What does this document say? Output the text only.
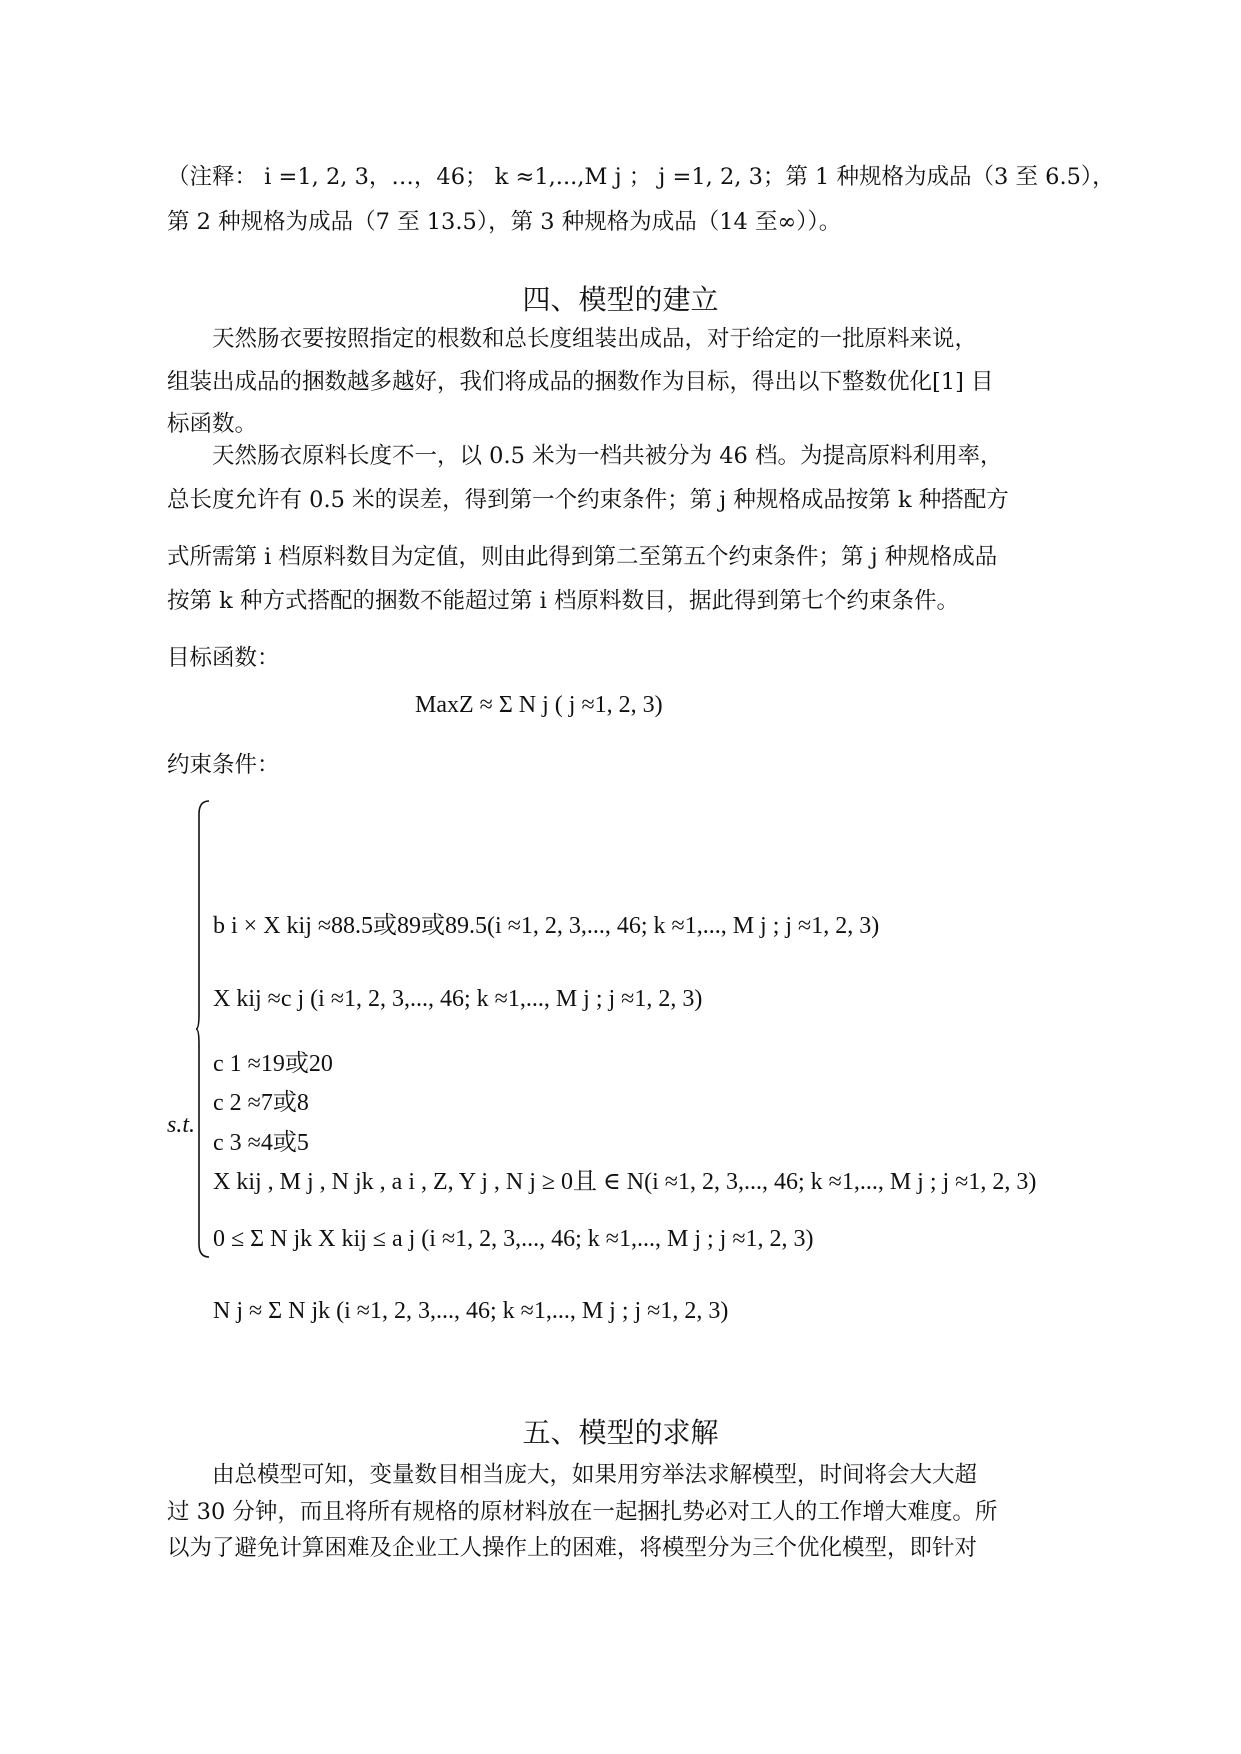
（注释： i =1, 2, 3，…，46； k ≈1,...,M j ； j =1, 2, 3；第 1 种规格为成品（3 至 6.5），
第 2 种规格为成品（7 至 13.5），第 3 种规格为成品（14 至∞））。
四、模型的建立
天然肠衣要按照指定的根数和总长度组装出成品，对于给定的一批原料来说，
组装出成品的捆数越多越好，我们将成品的捆数作为目标，得出以下整数优化[1] 目
标函数。
天然肠衣原料长度不一，以 0.5 米为一档共被分为 46 档。为提高原料利用率，
总长度允许有 0.5 米的误差，得到第一个约束条件；第 j 种规格成品按第 k 种搭配方
式所需第 i 档原料数目为定值，则由此得到第二至第五个约束条件；第 j 种规格成品
按第 k 种方式搭配的捆数不能超过第 i 档原料数目，据此得到第七个约束条件。
目标函数：
MaxZ ≈ Σ N j ( j ≈1, 2, 3)
约束条件：
s.t.
b i × X kij ≈88.5或89或89.5(i ≈1, 2, 3,..., 46; k ≈1,..., M j ; j ≈1, 2, 3)
X kij ≈c j (i ≈1, 2, 3,..., 46; k ≈1,..., M j ; j ≈1, 2, 3)
c 1 ≈19或20
c 2 ≈7或8
c 3 ≈4或5
X kij , M j , N jk , a i , Z, Y j , N j ≥ 0且 ∈ N(i ≈1, 2, 3,..., 46; k ≈1,..., M j ; j ≈1, 2, 3)
0 ≤ Σ N jk X kij ≤ a j (i ≈1, 2, 3,..., 46; k ≈1,..., M j ; j ≈1, 2, 3)
N j ≈ Σ N jk (i ≈1, 2, 3,..., 46; k ≈1,..., M j ; j ≈1, 2, 3)
五、模型的求解
由总模型可知，变量数目相当庞大，如果用穷举法求解模型，时间将会大大超
过 30 分钟，而且将所有规格的原材料放在一起捆扎势必对工人的工作增大难度。所
以为了避免计算困难及企业工人操作上的困难，将模型分为三个优化模型，即针对
